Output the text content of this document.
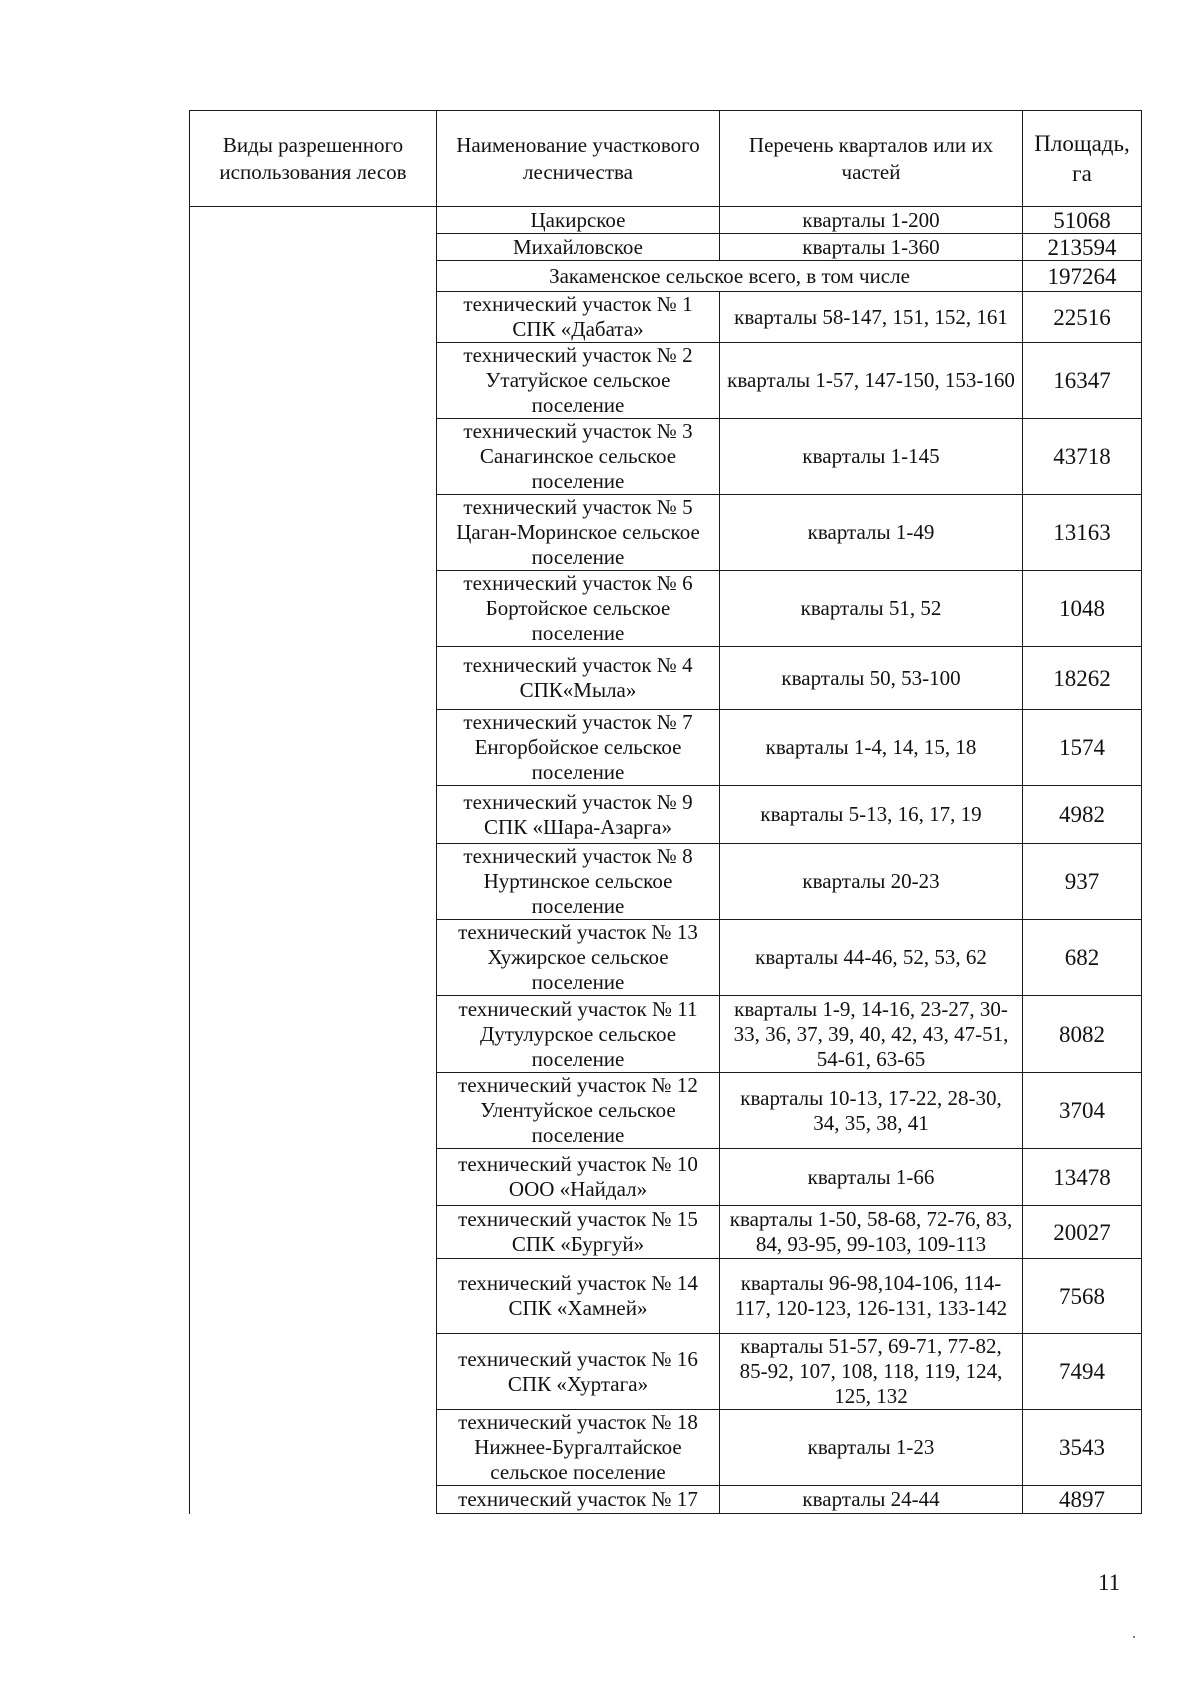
Виды разрешенного использования лесов	Наименование участкового лесничества	Перечень кварталов или их частей	Площадь, га
	Цакирское	кварталы 1-200	51068
	Михайловское	кварталы 1-360	213594
	Закаменское сельское всего, в том числе		197264
	технический участок № 1 СПК «Дабата»	кварталы 58-147, 151, 152, 161	22516
	технический участок № 2 Утатуйское сельское поселение	кварталы 1-57, 147-150, 153-160	16347
	технический участок № 3 Санагинское сельское поселение	кварталы 1-145	43718
	технический участок № 5 Цаган-Моринское сельское поселение	кварталы 1-49	13163
	технический участок № 6 Бортойское сельское поселение	кварталы 51, 52	1048
	технический участок № 4 СПК«Мыла»	кварталы 50, 53-100	18262
	технический участок № 7 Енгорбойское сельское поселение	кварталы 1-4, 14, 15, 18	1574
	технический участок № 9 СПК «Шара-Азарга»	кварталы 5-13, 16, 17, 19	4982
	технический участок № 8 Нуртинское сельское поселение	кварталы 20-23	937
	технический участок № 13 Хужирское сельское поселение	кварталы 44-46, 52, 53, 62	682
	технический участок № 11 Дутулурское сельское поселение	кварталы 1-9, 14-16, 23-27, 30-33, 36, 37, 39, 40, 42, 43, 47-51, 54-61, 63-65	8082
	технический участок № 12 Улентуйское сельское поселение	кварталы 10-13, 17-22, 28-30, 34, 35, 38, 41	3704
	технический участок № 10 ООО «Найдал»	кварталы 1-66	13478
	технический участок № 15 СПК «Бургуй»	кварталы 1-50, 58-68, 72-76, 83, 84, 93-95, 99-103, 109-113	20027
	технический участок № 14 СПК «Хамней»	кварталы 96-98,104-106, 114-117, 120-123, 126-131, 133-142	7568
	технический участок № 16 СПК «Хуртага»	кварталы 51-57, 69-71, 77-82, 85-92, 107, 108, 118, 119, 124, 125, 132	7494
	технический участок № 18 Нижнее-Бургалтайское сельское поселение	кварталы 1-23	3543
	технический участок № 17	кварталы 24-44	4897
11
